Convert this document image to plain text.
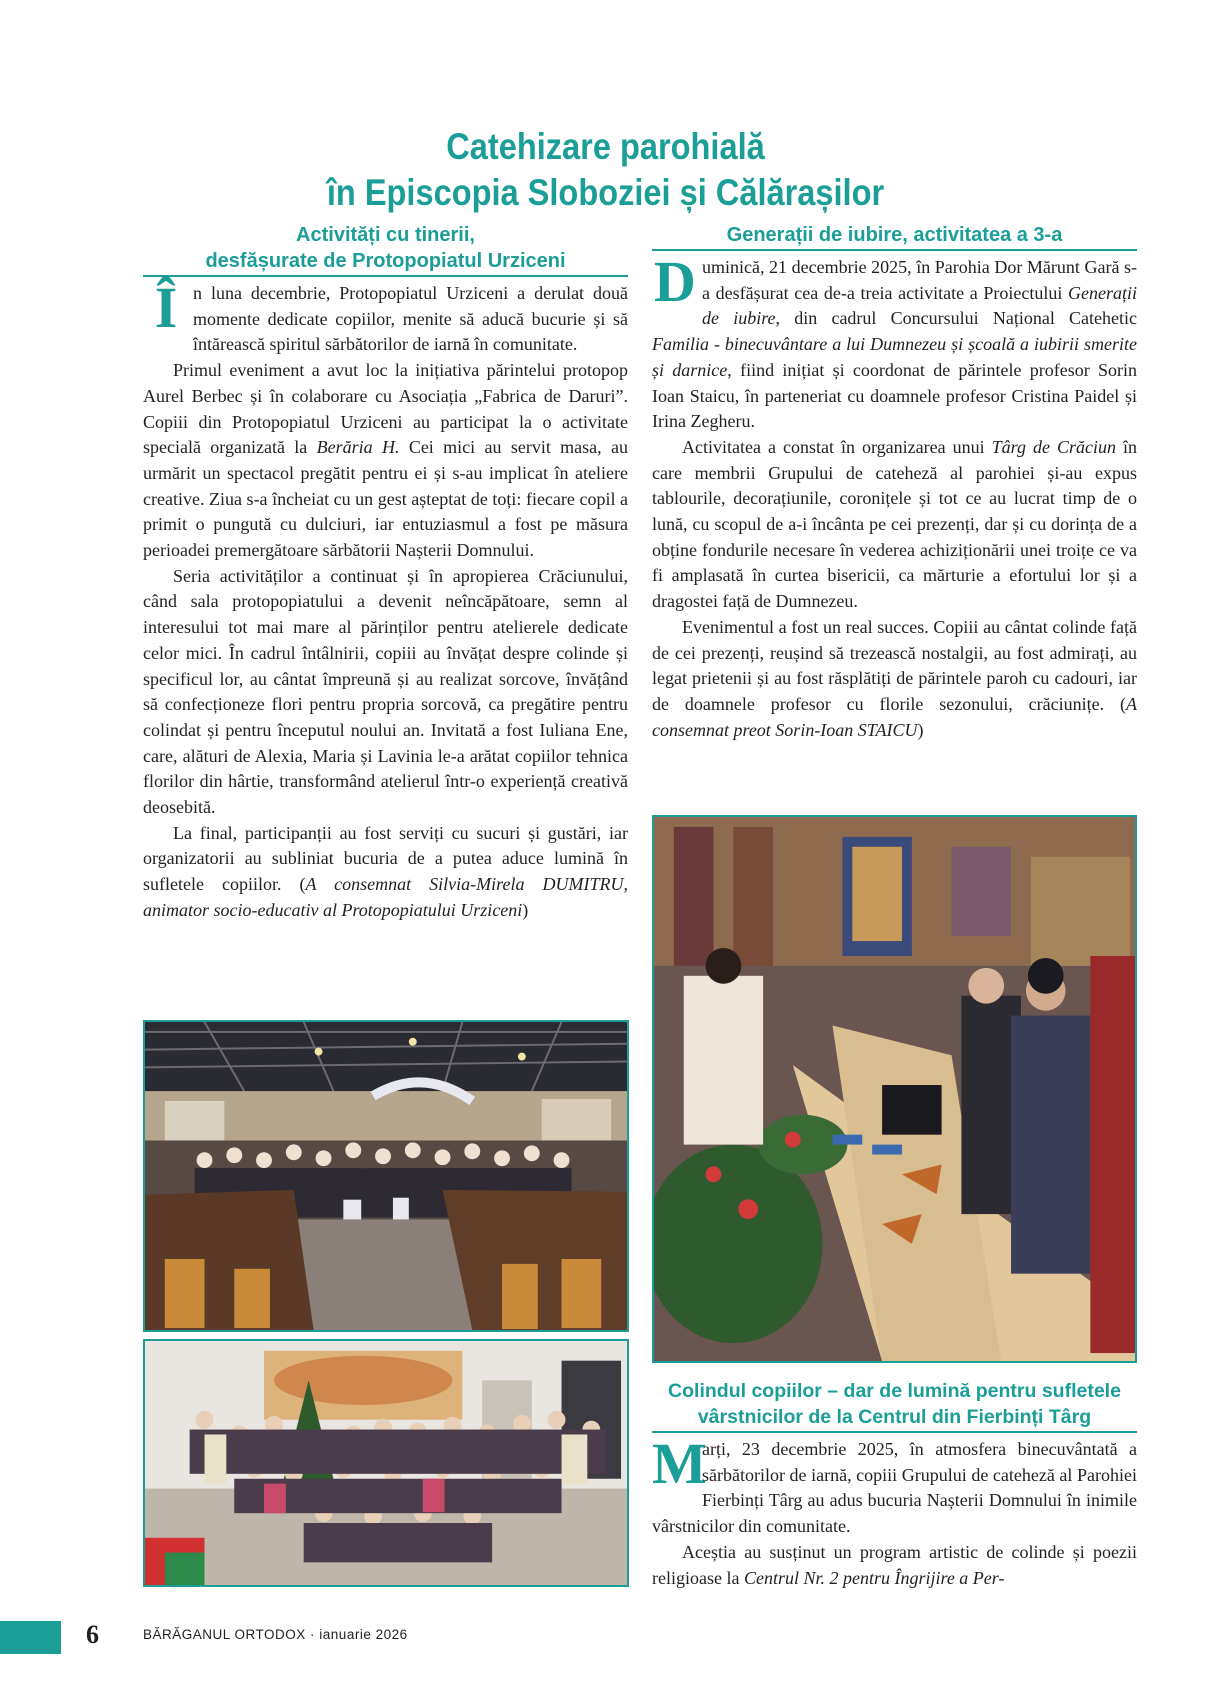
Catehizare parohială
în Episcopia Sloboziei și Călărașilor
Activități cu tinerii,
desfășurate de Protopopiatul Urziceni

În luna decembrie, Protopopiatul Urziceni a derulat două momente dedicate copiilor, menite să aducă bucurie și să întărească spiritul sărbătorilor de iarnă în comunitate.

Primul eveniment a avut loc la inițiativa părintelui protopop Aurel Berbec și în colaborare cu Asociația „Fabrica de Daruri”. Copiii din Protopopiatul Urziceni au participat la o activitate specială organizată la Berăria H. Cei mici au servit masa, au urmărit un spectacol pregătit pentru ei și s-au implicat în ateliere creative. Ziua s-a încheiat cu un gest așteptat de toți: fiecare copil a primit o pungută cu dulciuri, iar entuziasmul a fost pe măsura perioadei premergătoare sărbătorii Nașterii Domnului.

Seria activităților a continuat și în apropierea Crăciunului, când sala protopopiatului a devenit neîncăpătoare, semn al interesului tot mai mare al părinților pentru atelierele dedicate celor mici. În cadrul întâlnirii, copiii au învățat despre colinde și specificul lor, au cântat împreună și au realizat sorcove, învățând să confecționeze flori pentru propria sorcovă, ca pregătire pentru colindat și pentru începutul noului an. Invitată a fost Iuliana Ene, care, alături de Alexia, Maria și Lavinia le-a arătat copiilor tehnica florilor din hârtie, transformând atelierul într-o experiență creativă deosebită.

La final, participanții au fost serviți cu sucuri și gustări, iar organizatorii au subliniat bucuria de a putea aduce lumină în sufletele copiilor. (A consemnat Silvia-Mirela DUMITRU, animator socio-educativ al Protopopiatului Urziceni)

Generații de iubire, activitatea a 3-a

Duminică, 21 decembrie 2025, în Parohia Dor Mărunt Gară s-a desfășurat cea de-a treia activitate a Proiectului Generații de iubire, din cadrul Concursului Național Catehetic Familia - binecuvântare a lui Dumnezeu și școală a iubirii smerite și darnice, fiind inițiat și coordonat de părintele profesor Sorin Ioan Staicu, în parteneriat cu doamnele profesor Cristina Paidel și Irina Zegheru.

Activitatea a constat în organizarea unui Târg de Crăciun în care membrii Grupului de cateheză al parohiei și-au expus tablourile, decorațiunile, coronițele și tot ce au lucrat timp de o lună, cu scopul de a-i încânta pe cei prezenți, dar și cu dorința de a obține fondurile necesare în vederea achiziționării unei troițe ce va fi amplasată în curtea bisericii, ca mărturie a efortului lor și a dragostei față de Dumnezeu.

Evenimentul a fost un real succes. Copiii au cântat colinde față de cei prezenți, reușind să trezească nostalgii, au fost admirați, au legat prietenii și au fost răsplătiți de părintele paroh cu cadouri, iar de doamnele profesor cu florile sezonului, crăciunițe. (A consemnat preot Sorin-Ioan STAICU)

Colindul copiilor – dar de lumină pentru sufletele
vârstnicilor de la Centrul din Fierbinți Târg

M
arți, 23 decembrie 2025, în atmosfera binecuvântată a sărbătorilor de iarnă, copiii Grupului de cateheză al Parohiei Fierbinți Târg au adus bucuria Nașterii Domnului în inimile vârstnicilor din comunitate.

Aceștia au susținut un program artistic de colinde și poezii religioase la Centrul Nr. 2 pentru Îngrijire a Per-

6	BĂRĂGANUL ORTODOX · ianuarie 2026
